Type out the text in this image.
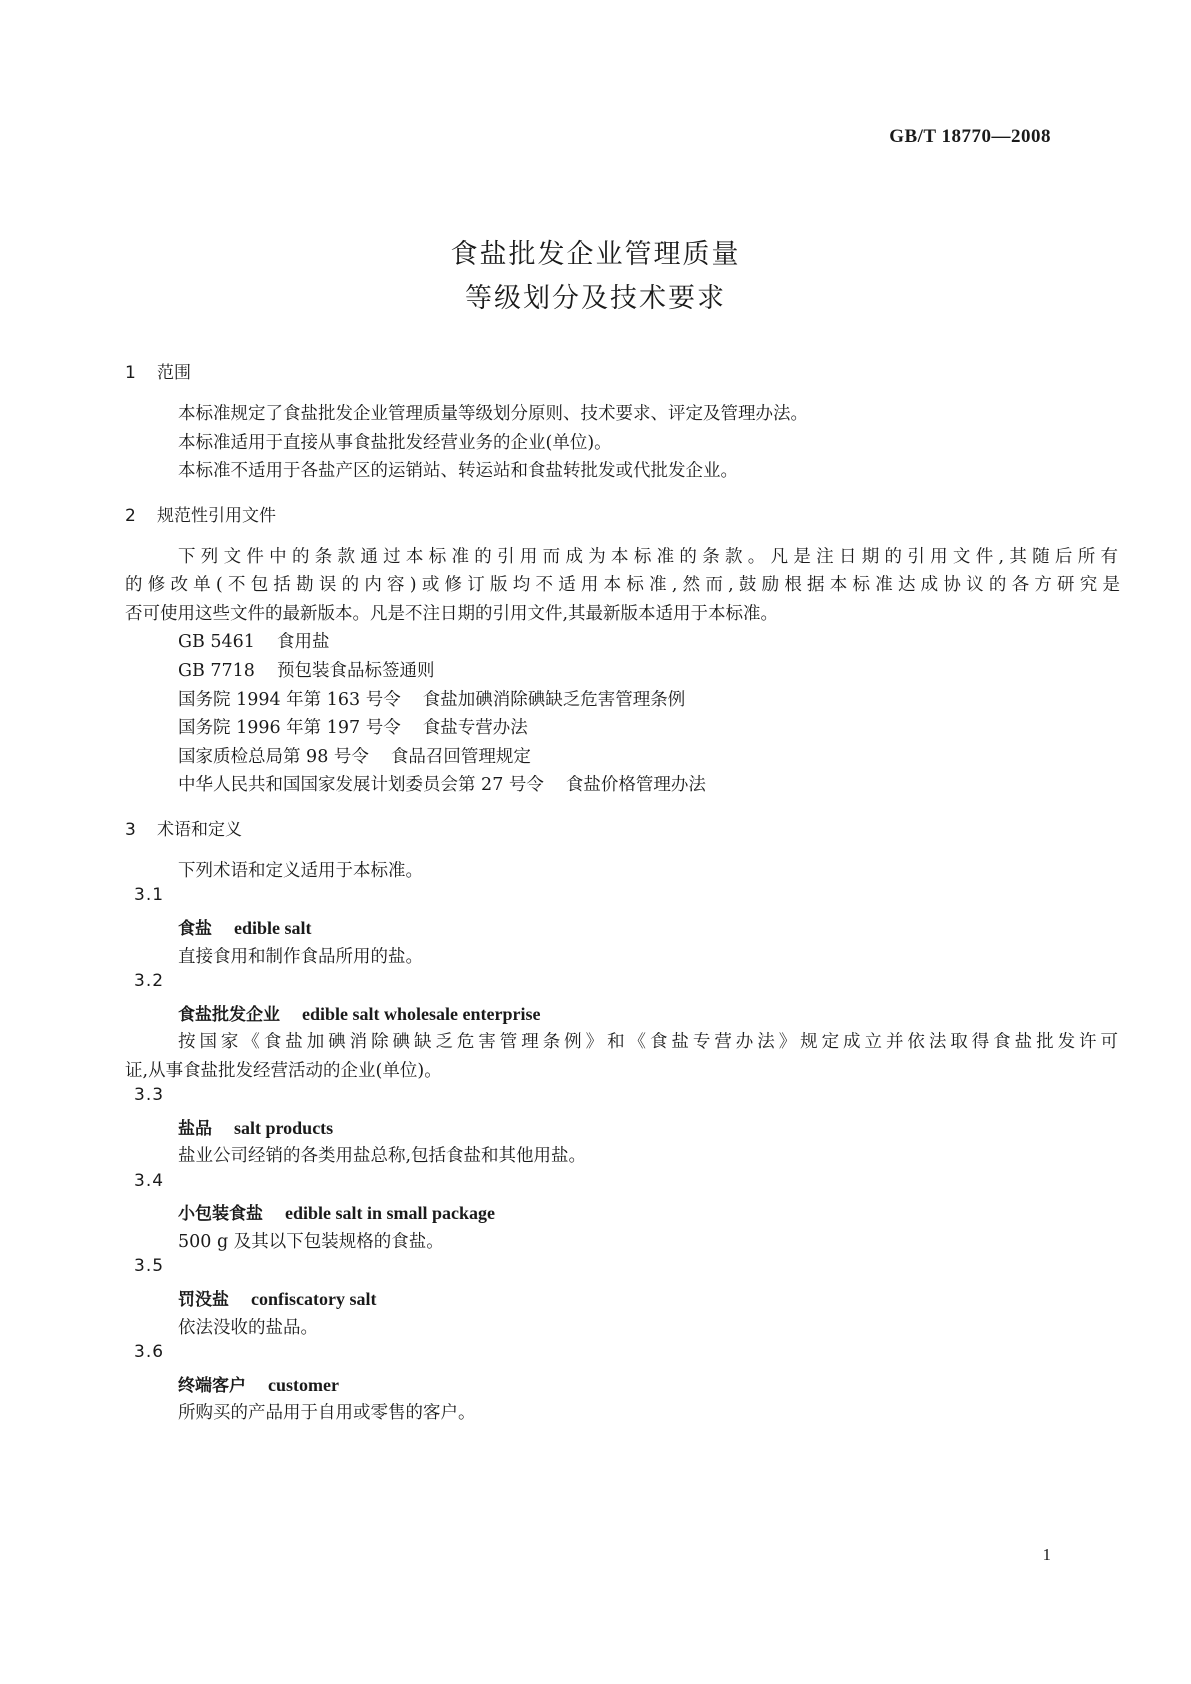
GB/T 18770—2008
食盐批发企业管理质量
等级划分及技术要求
1 范围
本标准规定了食盐批发企业管理质量等级划分原则、技术要求、评定及管理办法。
本标准适用于直接从事食盐批发经营业务的企业(单位)。
本标准不适用于各盐产区的运销站、转运站和食盐转批发或代批发企业。
2 规范性引用文件
下列文件中的条款通过本标准的引用而成为本标准的条款。凡是注日期的引用文件,其随后所有
的修改单(不包括勘误的内容)或修订版均不适用本标准,然而,鼓励根据本标准达成协议的各方研究是
否可使用这些文件的最新版本。凡是不注日期的引用文件,其最新版本适用于本标准。
GB 5461 食用盐
GB 7718 预包装食品标签通则
国务院 1994 年第 163 号令 食盐加碘消除碘缺乏危害管理条例
国务院 1996 年第 197 号令 食盐专营办法
国家质检总局第 98 号令 食品召回管理规定
中华人民共和国国家发展计划委员会第 27 号令 食盐价格管理办法
3 术语和定义
下列术语和定义适用于本标准。
3.1
食盐 edible salt
直接食用和制作食品所用的盐。
3.2
食盐批发企业 edible salt wholesale enterprise
按国家《食盐加碘消除碘缺乏危害管理条例》和《食盐专营办法》规定成立并依法取得食盐批发许可
证,从事食盐批发经营活动的企业(单位)。
3.3
盐品 salt products
盐业公司经销的各类用盐总称,包括食盐和其他用盐。
3.4
小包装食盐 edible salt in small package
500 g 及其以下包装规格的食盐。
3.5
罚没盐 confiscatory salt
依法没收的盐品。
3.6
终端客户 customer
所购买的产品用于自用或零售的客户。
1
